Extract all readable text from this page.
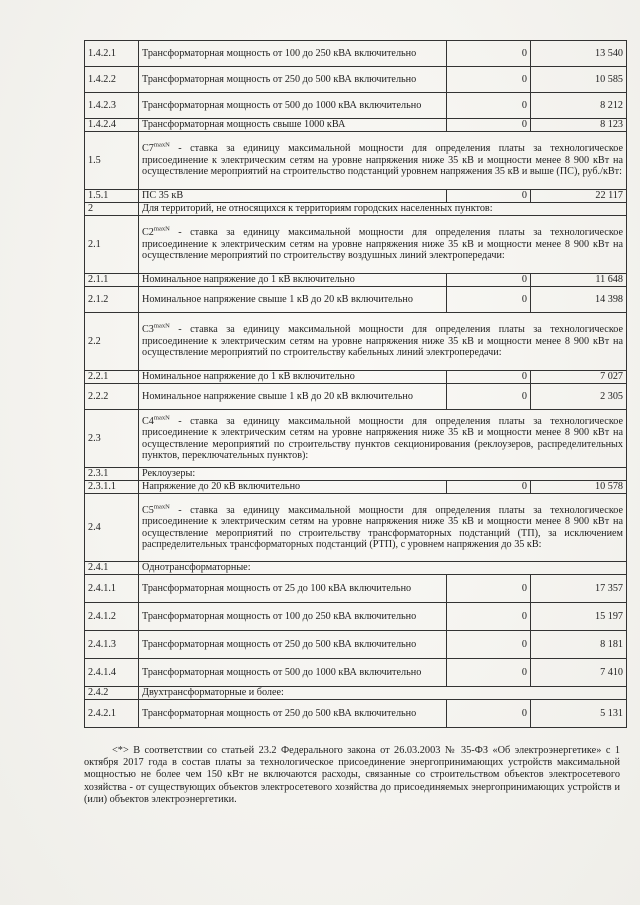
1.4.2.1	Трансформаторная мощность от 100 до 250 кВА включительно	0	13 540
1.4.2.2	Трансформаторная мощность от 250 до 500 кВА включительно	0	10 585
1.4.2.3	Трансформаторная мощность от 500 до 1000 кВА включительно	0	8 212
1.4.2.4	Трансформаторная мощность свыше 1000 кВА	0	8 123
1.5	$C7^{maxN}$ - ставка за единицу максимальной мощности для определения платы за технологическое присоединение к электрическим сетям на уровне напряжения ниже 35 кВ и мощности менее 8 900 кВт на осуществление мероприятий на строительство подстанций уровнем напряжения 35 кВ и выше (ПС), руб./кВт:		
1.5.1	ПС 35 кВ	0	22 117
2	Для территорий, не относящихся к территориям городских населенных пунктов:		
2.1	$C2^{maxN}$ - ставка за единицу максимальной мощности для определения платы за технологическое присоединение к электрическим сетям на уровне напряжения ниже 35 кВ и мощности менее 8 900 кВт на осуществление мероприятий по строительству воздушных линий электропередачи:		
2.1.1	Номинальное напряжение до 1 кВ включительно	0	11 648
2.1.2	Номинальное напряжение свыше 1 кВ до 20 кВ включительно	0	14 398
2.2	$C3^{maxN}$ - ставка за единицу максимальной мощности для определения платы за технологическое присоединение к электрическим сетям на уровне напряжения ниже 35 кВ и мощности менее 8 900 кВт на осуществление мероприятий по строительству кабельных линий электропередачи:		
2.2.1	Номинальное напряжение до 1 кВ включительно	0	7 027
2.2.2	Номинальное напряжение свыше 1 кВ до 20 кВ включительно	0	2 305
2.3	$C4^{maxN}$ - ставка за единицу максимальной мощности для определения платы за технологическое присоединение к электрическим сетям на уровне напряжения ниже 35 кВ и мощности менее 8 900 кВт на осуществление мероприятий по строительству пунктов секционирования (реклоузеров, распределительных пунктов, переключательных пунктов):		
2.3.1	Реклоузеры:		
2.3.1.1	Напряжение до 20 кВ включительно	0	10 578
2.4	$C5^{maxN}$ - ставка за единицу максимальной мощности для определения платы за технологическое присоединение к электрическим сетям на уровне напряжения ниже 35 кВ и мощности менее 8 900 кВт на осуществление мероприятий по строительству трансформаторных подстанций (ТП), за исключением распределительных трансформаторных подстанций (РТП), с уровнем напряжения до 35 кВ:		
2.4.1	Однотрансформаторные:		
2.4.1.1	Трансформаторная мощность от 25 до 100 кВА включительно	0	17 357
2.4.1.2	Трансформаторная мощность от 100 до 250 кВА включительно	0	15 197
2.4.1.3	Трансформаторная мощность от 250 до 500 кВА включительно	0	8 181
2.4.1.4	Трансформаторная мощность от 500 до 1000 кВА включительно	0	7 410
2.4.2	Двухтрансформаторные и более:		
2.4.2.1	Трансформаторная мощность от 250 до 500 кВА включительно	0	5 131
<*> В соответствии со статьей 23.2 Федерального закона от 26.03.2003 № 35-ФЗ «Об электроэнергетике» с 1 октября 2017 года в состав платы за технологическое присоединение энергопринимающих устройств максимальной мощностью не более чем 150 кВт не включаются расходы, связанные со строительством объектов электросетевого хозяйства - от существующих объектов электросетевого хозяйства до присоединяемых энергопринимающих устройств и (или) объектов электроэнергетики.
